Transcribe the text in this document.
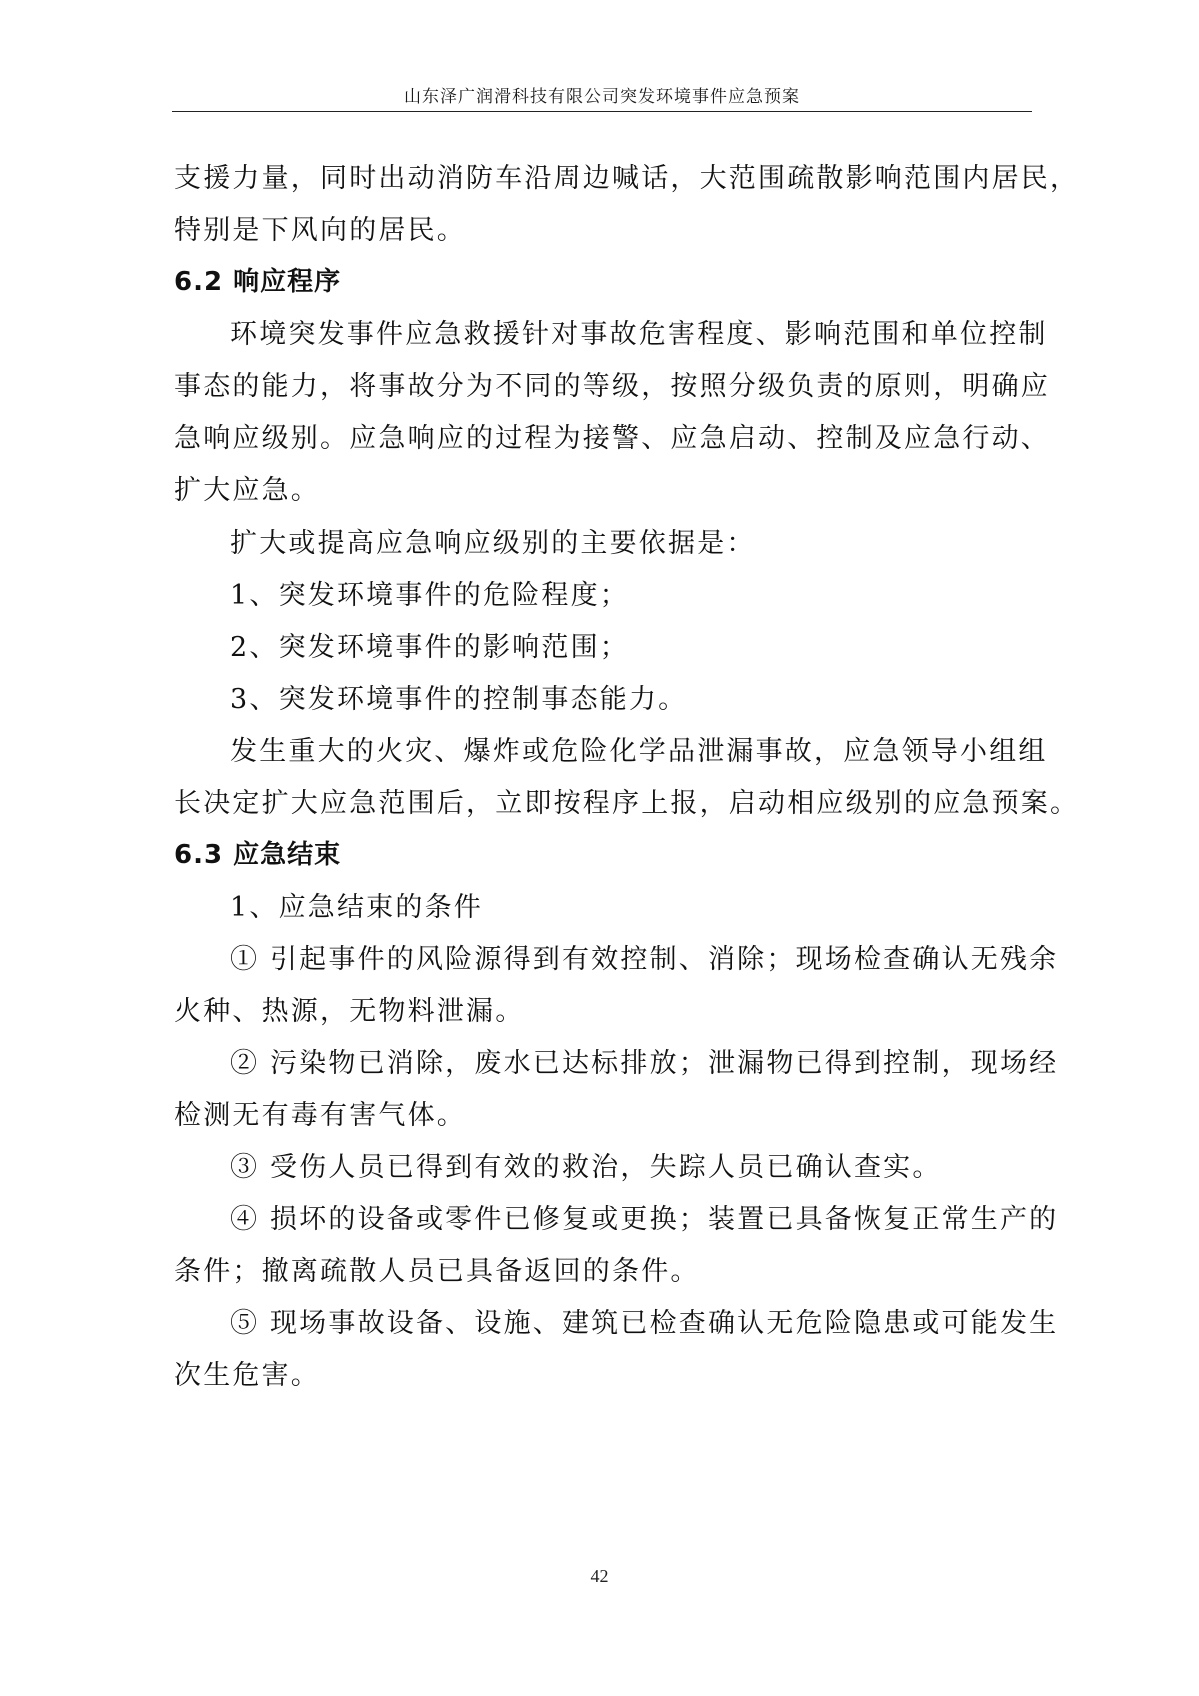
山东泽广润滑科技有限公司突发环境事件应急预案
支援力量，同时出动消防车沿周边喊话，大范围疏散影响范围内居民，
特别是下风向的居民。
6.2 响应程序
环境突发事件应急救援针对事故危害程度、影响范围和单位控制
事态的能力，将事故分为不同的等级，按照分级负责的原则，明确应
急响应级别。应急响应的过程为接警、应急启动、控制及应急行动、
扩大应急。
扩大或提高应急响应级别的主要依据是：
1、突发环境事件的危险程度；
2、突发环境事件的影响范围；
3、突发环境事件的控制事态能力。
发生重大的火灾、爆炸或危险化学品泄漏事故，应急领导小组组
长决定扩大应急范围后，立即按程序上报，启动相应级别的应急预案。
6.3 应急结束
1、应急结束的条件
① 引起事件的风险源得到有效控制、消除；现场检查确认无残余
火种、热源，无物料泄漏。
② 污染物已消除，废水已达标排放；泄漏物已得到控制，现场经
检测无有毒有害气体。
③ 受伤人员已得到有效的救治，失踪人员已确认查实。
④ 损坏的设备或零件已修复或更换；装置已具备恢复正常生产的
条件；撤离疏散人员已具备返回的条件。
⑤ 现场事故设备、设施、建筑已检查确认无危险隐患或可能发生
次生危害。
42
